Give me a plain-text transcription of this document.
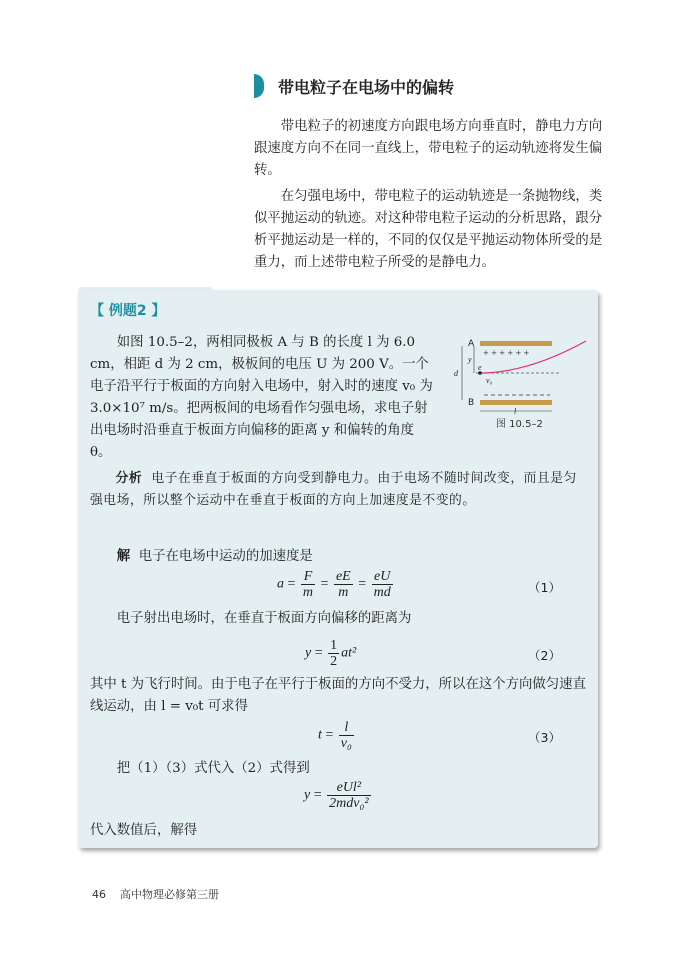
带电粒子在电场中的偏转

带电粒子的初速度方向跟电场方向垂直时，静电力方向跟速度方向不在同一直线上，带电粒子的运动轨迹将发生偏转。

在匀强电场中，带电粒子的运动轨迹是一条抛物线，类似平抛运动的轨迹。对这种带电粒子运动的分析思路，跟分析平抛运动是一样的，不同的仅仅是平抛运动物体所受的是重力，而上述带电粒子所受的是静电力。

【 例题2 】

如图 10.5–2，两相同极板 A 与 B 的长度 l 为 6.0 cm，相距 d 为 2 cm，极板间的电压 U 为 200 V。一个电子沿平行于板面的方向射入电场中，射入时的速度 v₀ 为 3.0×10⁷ m/s。把两板间的电场看作匀强电场，求电子射出电场时沿垂直于板面方向偏移的距离 y 和偏转的角度 θ。

+ + + + + +
A
B
e
v₀
y
d
l
图 10.5–2

分析 电子在垂直于板面的方向受到静电力。由于电场不随时间改变，而且是匀强电场，所以整个运动中在垂直于板面的方向上加速度是不变的。

解 电子在电场中运动的加速度是

$a = \frac{F}{m} = \frac{eE}{m} = \frac{eU}{md}$	（1）

电子射出电场时，在垂直于板面方向偏移的距离为

$y = \frac{1}{2} at^2$	（2）

其中 t 为飞行时间。由于电子在平行于板面的方向不受力，所以在这个方向做匀速直线运动，由 l = v₀t 可求得

$t = \frac{l}{\text{v₀}}$	（3）

把（1）（3）式代入（2）式得到

$y = \frac{\text{eUl²}}{\text{2mdv₀²}}$

代入数值后，解得

46 高中物理必修第三册
